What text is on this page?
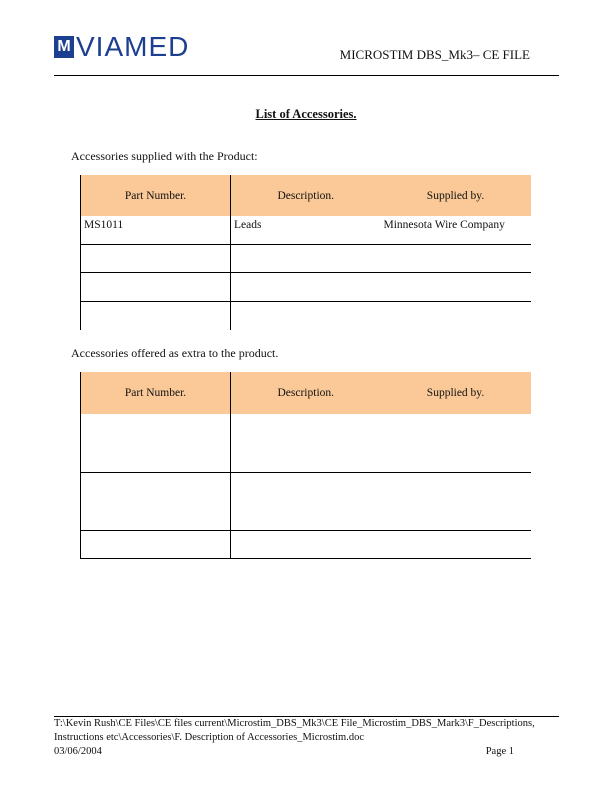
M VIAMED	MICROSTIM DBS_Mk3– CE FILE
List of Accessories.
Accessories supplied with the Product:
Part Number.	Description.	Supplied by.
MS1011	Leads	Minnesota Wire Company

Accessories offered as extra to the product.
Part Number.	Description.	Supplied by.

T:\Kevin Rush\CE Files\CE files current\Microstim_DBS_Mk3\CE File_Microstim_DBS_Mark3\F_Descriptions,
Instructions etc\Accessories\F. Description of Accessories_Microstim.doc
03/06/2004	Page 1
